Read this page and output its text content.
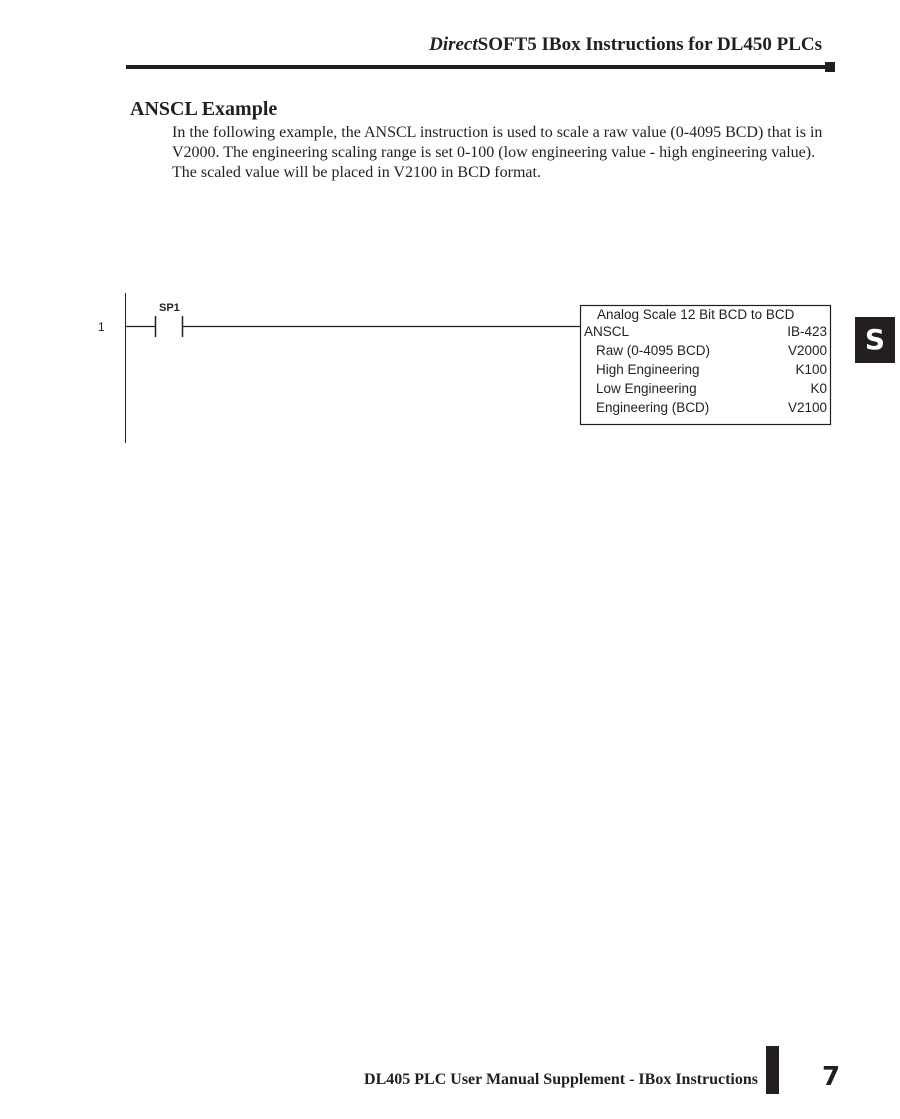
DirectSOFT5 IBox Instructions for DL450 PLCs
ANSCL Example

In the following example, the ANSCL instruction is used to scale a raw value (0-4095 BCD) that is in V2000. The engineering scaling range is set 0-100 (low engineering value - high engineering value). The scaled value will be placed in V2100 in BCD format.

S
1
SP1	Analog Scale 12 Bit BCD to BCD
ANSCL	IB-423
Raw (0-4095 BCD)	V2000
High Engineering	K100
Low Engineering	K0
Engineering (BCD)	V2100
DL405 PLC User Manual Supplement - IBox Instructions 7
